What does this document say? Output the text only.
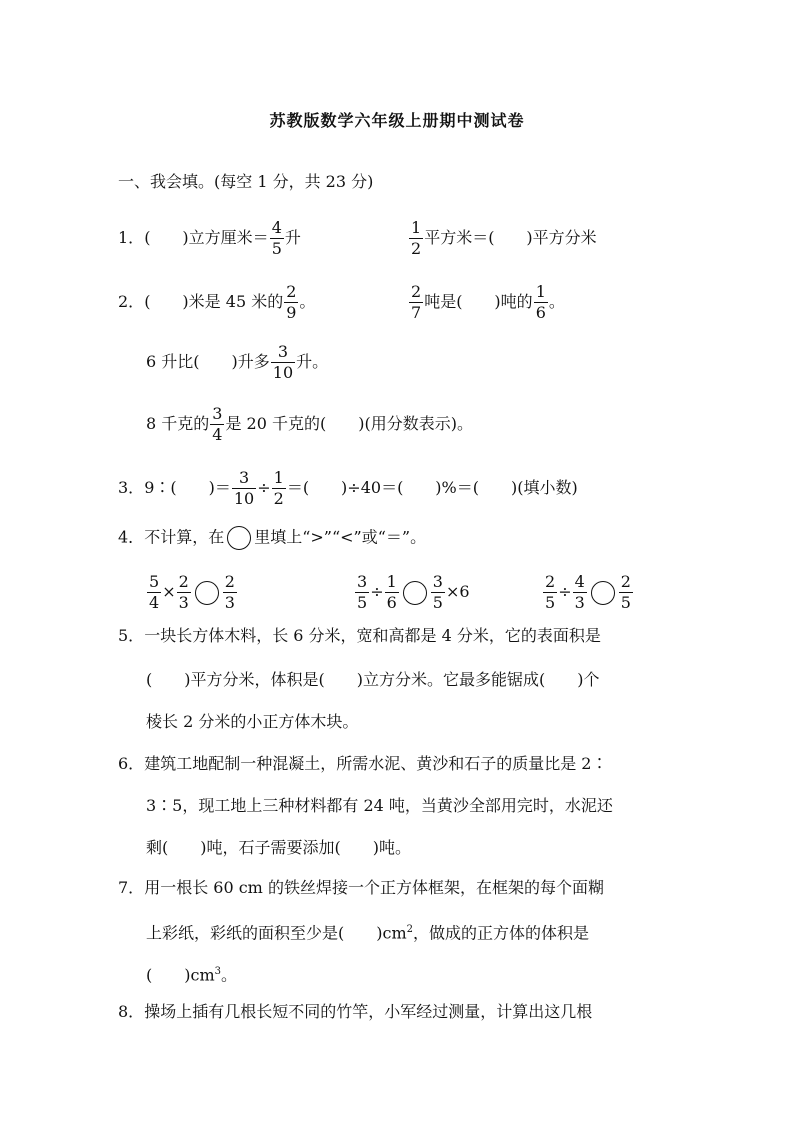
苏教版数学六年级上册期中测试卷
一、我会填。(每空 1 分，共 23 分)
1．(　　)立方厘米＝ $\frac{4}{5}$ 升	$\frac{1}{2}$ 平方米＝(　　)平方分米
2．(　　)米是 45 米的 $\frac{2}{9}$ 。	$\frac{2}{7}$ 吨是(　　)吨的 $\frac{1}{6}$ 。
6 升比(　　)升多 $\frac{3}{10}$ 升。
8 千克的 $\frac{3}{4}$ 是 20 千克的(　　)(用分数表示)。
3．9∶(　　)＝ $\frac{3}{10} \div \frac{1}{2}$ ＝(　　)÷40＝(　　)%＝(　　)(填小数)
4．不计算，在 里填上“>”“<”或“＝”。
$\frac{5}{4} \times \frac{2}{3} \frac{2}{3}$	$\frac{3}{5} \div \frac{1}{6} \frac{3}{5} \times 6$	$\frac{2}{5} \div \frac{4}{3} \frac{2}{5}$
5．一块长方体木料，长 6 分米，宽和高都是 4 分米，它的表面积是
(　　)平方分米，体积是(　　)立方分米。它最多能锯成(　　)个
棱长 2 分米的小正方体木块。
6．建筑工地配制一种混凝土，所需水泥、黄沙和石子的质量比是 2∶
3∶5，现工地上三种材料都有 24 吨，当黄沙全部用完时，水泥还
剩(　　)吨，石子需要添加(　　)吨。
7．用一根长 60 cm 的铁丝焊接一个正方体框架，在框架的每个面糊
上彩纸，彩纸的面积至少是(　　)$cm^2$，做成的正方体的体积是
(　　)$cm^3$。
8．操场上插有几根长短不同的竹竿，小军经过测量，计算出这几根
